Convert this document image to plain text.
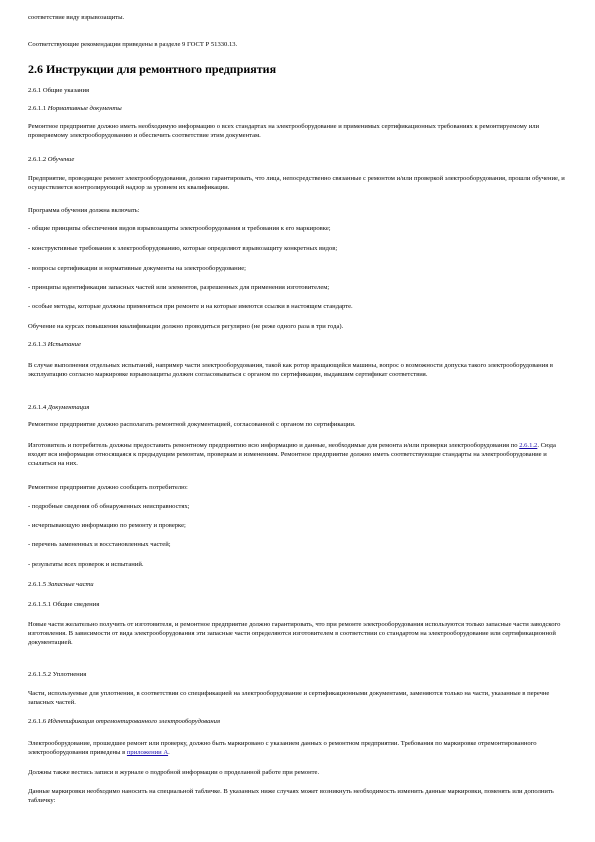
соответствие виду взрывозащиты.
Соответствующие рекомендации приведены в разделе 9 ГОСТ Р 51330.13.
2.6 Инструкции для ремонтного предприятия
2.6.1 Общие указания
2.6.1.1 Нормативные документы
Ремонтное предприятие должно иметь необходимую информацию о всех стандартах на электрооборудование и применимых сертификационных требованиях к ремонтируемому или проверяемому электрооборудованию и обеспечить соответствие этим документам.
2.6.1.2 Обучение
Предприятие, проводящее ремонт электрооборудования, должно гарантировать, что лица, непосредственно связанные с ремонтом и/или проверкой электрооборудования, прошли обучение, и осуществляется контролирующий надзор за уровнем их квалификации.
Программа обучения должна включать:
- общие принципы обеспечения видов взрывозащиты электрооборудования и требования к его маркировке;
- конструктивные требования к электрооборудованию, которые определяют взрывозащиту конкретных видов;
- вопросы сертификации и нормативные документы на электрооборудование;
- принципы идентификации запасных частей или элементов, разрешенных для применения изготовителем;
- особые методы, которые должны применяться при ремонте и на которые имеются ссылки в настоящем стандарте.
Обучение на курсах повышения квалификации должно проводиться регулярно (не реже одного раза в три года).
2.6.1.3 Испытание
В случае выполнения отдельных испытаний, например части электрооборудования, такой как ротор вращающейся машины, вопрос о возможности допуска такого электрооборудования в эксплуатацию согласно маркировке взрывозащиты должен согласовываться с органом по сертификации, выдавшим сертификат соответствия.
2.6.1.4 Документация
Ремонтное предприятие должно располагать ремонтной документацией, согласованной с органом по сертификации.
Изготовитель и потребитель должны предоставить ремонтному предприятию всю информацию и данные, необходимые для ремонта и/или проверки электрооборудования по 2.6.1.2. Сюда входят вся информация относящаяся к предыдущим ремонтам, проверкам и изменениям. Ремонтное предприятие должно иметь соответствующие стандарты на электрооборудование и ссылаться на них.
Ремонтное предприятие должно сообщить потребителю:
- подробные сведения об обнаруженных неисправностях;
- исчерпывающую информацию по ремонту и проверке;
- перечень замененных и восстановленных частей;
- результаты всех проверок и испытаний.
2.6.1.5 Запасные части
2.6.1.5.1 Общие сведения
Новые части желательно получить от изготовителя, и ремонтное предприятие должно гарантировать, что при ремонте электрооборудования используются только запасные части заводского изготовления. В зависимости от вида электрооборудования эти запасные части определяются изготовителем в соответствии со стандартом на электрооборудование или сертификационной документацией.
2.6.1.5.2 Уплотнения
Части, используемые для уплотнения, в соответствии со спецификацией на электрооборудование и сертификационными документами, заменяются только на части, указанные в перечне запасных частей.
2.6.1.6 Идентификация отремонтированного электрооборудования
Электрооборудование, прошедшее ремонт или проверку, должно быть маркировано с указанием данных о ремонтном предприятии. Требования по маркировке отремонтированного электрооборудования приведены в приложении А.
Должны также вестись записи в журнале о подробной информации о проделанной работе при ремонте.
Данные маркировки необходимо наносить на специальной табличке. В указанных ниже случаях может возникнуть необходимость изменить данные маркировки, поменять или дополнить табличку:
